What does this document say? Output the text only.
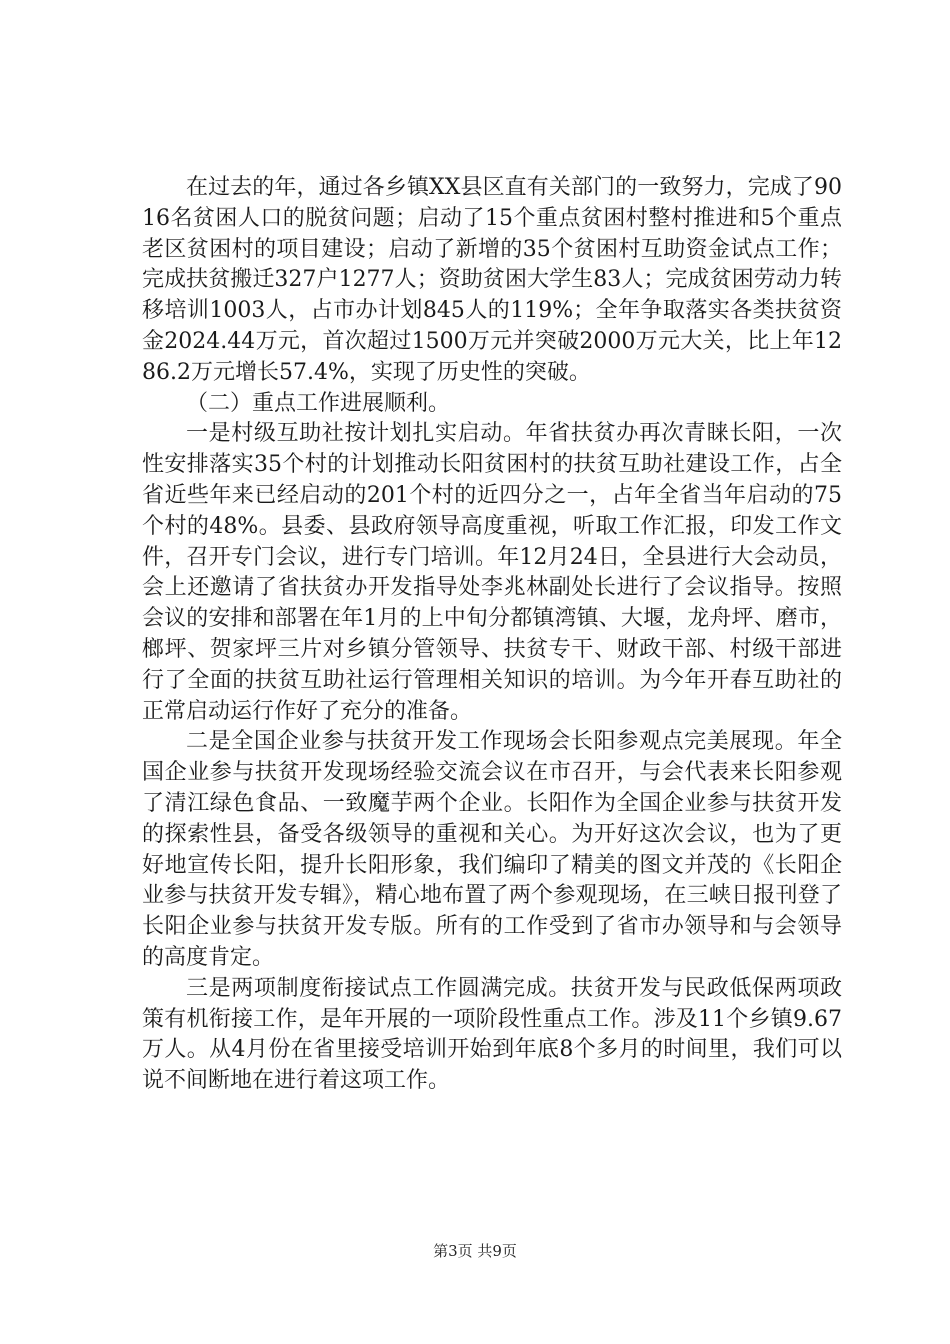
在过去的年，通过各乡镇XX县区直有关部门的一致努力，完成了9016名贫困人口的脱贫问题；启动了15个重点贫困村整村推进和5个重点老区贫困村的项目建设；启动了新增的35个贫困村互助资金试点工作；完成扶贫搬迁327户1277人；资助贫困大学生83人；完成贫困劳动力转移培训1003人，占市办计划845人的119%；全年争取落实各类扶贫资金2024.44万元，首次超过1500万元并突破2000万元大关，比上年1286.2万元增长57.4%，实现了历史性的突破。

（二）重点工作进展顺利。

一是村级互助社按计划扎实启动。年省扶贫办再次青睐长阳，一次性安排落实35个村的计划推动长阳贫困村的扶贫互助社建设工作，占全省近些年来已经启动的201个村的近四分之一，占年全省当年启动的75个村的48%。县委、县政府领导高度重视，听取工作汇报，印发工作文件，召开专门会议，进行专门培训。年12月24日，全县进行大会动员，会上还邀请了省扶贫办开发指导处李兆林副处长进行了会议指导。按照会议的安排和部署在年1月的上中旬分都镇湾镇、大堰，龙舟坪、磨市，榔坪、贺家坪三片对乡镇分管领导、扶贫专干、财政干部、村级干部进行了全面的扶贫互助社运行管理相关知识的培训。为今年开春互助社的正常启动运行作好了充分的准备。

二是全国企业参与扶贫开发工作现场会长阳参观点完美展现。年全国企业参与扶贫开发现场经验交流会议在市召开，与会代表来长阳参观了清江绿色食品、一致魔芋两个企业。长阳作为全国企业参与扶贫开发的探索性县，备受各级领导的重视和关心。为开好这次会议，也为了更好地宣传长阳，提升长阳形象，我们编印了精美的图文并茂的《长阳企业参与扶贫开发专辑》，精心地布置了两个参观现场，在三峡日报刊登了长阳企业参与扶贫开发专版。所有的工作受到了省市办领导和与会领导的高度肯定。

三是两项制度衔接试点工作圆满完成。扶贫开发与民政低保两项政策有机衔接工作，是年开展的一项阶段性重点工作。涉及11个乡镇9.67万人。从4月份在省里接受培训开始到年底8个多月的时间里，我们可以说不间断地在进行着这项工作。

第3页 共9页
